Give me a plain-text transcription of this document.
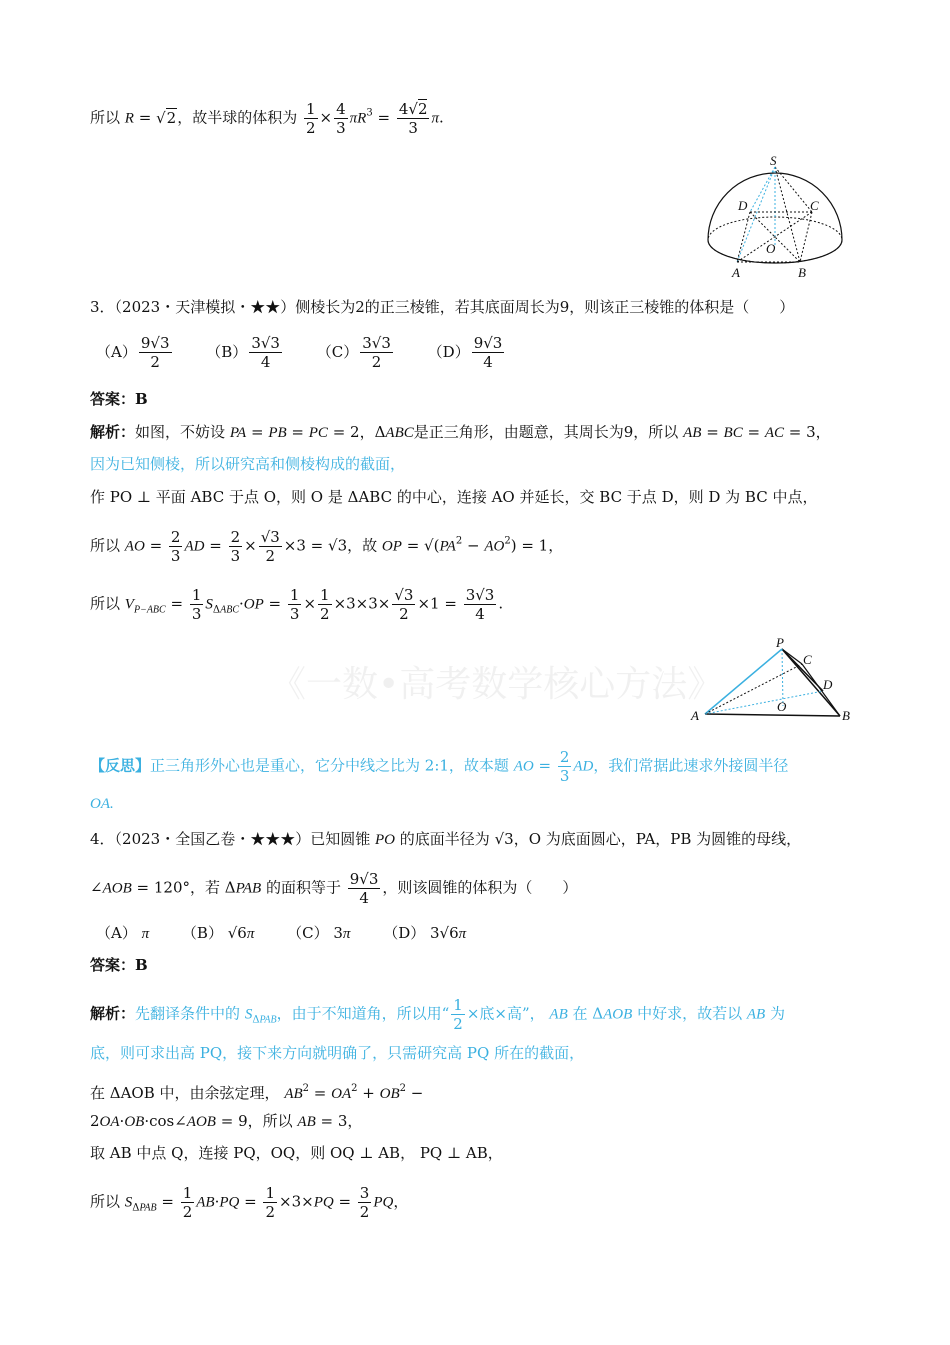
所以 R = √2，故半球的体积为 $\frac{1}{2} \times \frac{4}{3} \pi R^3 = \frac{4√2}{3} \pi$.
S
D	C
O
A	B
3．（2023・天津模拟・★★）侧棱长为2的正三棱锥，若其底面周长为9，则该正三棱锥的体积是（　　）
$(A) \frac{9√3}{2} (B) \frac{3√3}{4} (C) \frac{3√3}{2} (D) \frac{9√3}{4}$
答案：B
解析：如图，不妨设 PA = PB = PC = 2，ΔABC是正三角形，由题意，其周长为9，所以 AB = BC = AC = 3，
因为已知侧棱，所以研究高和侧棱构成的截面，
作 PO ⊥ 平面 ABC 于点 O，则 O 是 ΔABC 的中心，连接 AO 并延长，交 BC 于点 D，则 D 为 BC 中点，
所以 AO = $\frac{2}{3}$ AD = $\frac{2}{3} \times \frac{√3}{2} \times 3 = √3$，故 OP = $√(PA^2 - AO^2) = 1$，
所以 $V_{P-ABC} = \frac{1}{3} S_{\Delta ABC}\cdot OP = \frac{1}{3} \times \frac{1}{2} \times 3\times 3\times \frac{√3}{2} \times 1 = \frac{3√3}{4}$ .
《一数•高考数学核心方法》
P
C
D
O
A	B
【反思】正三角形外心也是重心，它分中线之比为 2:1，故本题 AO = $\frac{2}{3}$ AD，我们常据此速求外接圆半径
OA.
4．（2023・全国乙卷・★★★）已知圆锥 PO 的底面半径为 √3，O 为底面圆心，PA，PB 为圆锥的母线，
∠AOB = 120°，若 ΔPAB 的面积等于 $\frac{9√3}{4}$ ，则该圆锥的体积为（　　）
（A） π （B） √6π （C） 3π （D） 3√6π
答案：B
解析：先翻译条件中的 $S_{\Delta PAB}$，由于不知道角，所以用“ $\frac{1}{2}$ ×底×高”， AB 在 ΔAOB 中好求，故若以 AB 为
底，则可求出高 PQ，接下来方向就明确了，只需研究高 PQ 所在的截面，
在 ΔAOB 中，由余弦定理， $AB^2 = OA^2 + OB^2$ −
2OA·OB·cos∠AOB = 9，所以 AB = 3，
取 AB 中点 Q，连接 PQ，OQ，则 OQ ⊥ AB， PQ ⊥ AB，
所以 $S_{\Delta PAB} = \frac{1}{2} AB\cdot PQ = \frac{1}{2} \times 3\times PQ = \frac{3}{2}$ PQ，
